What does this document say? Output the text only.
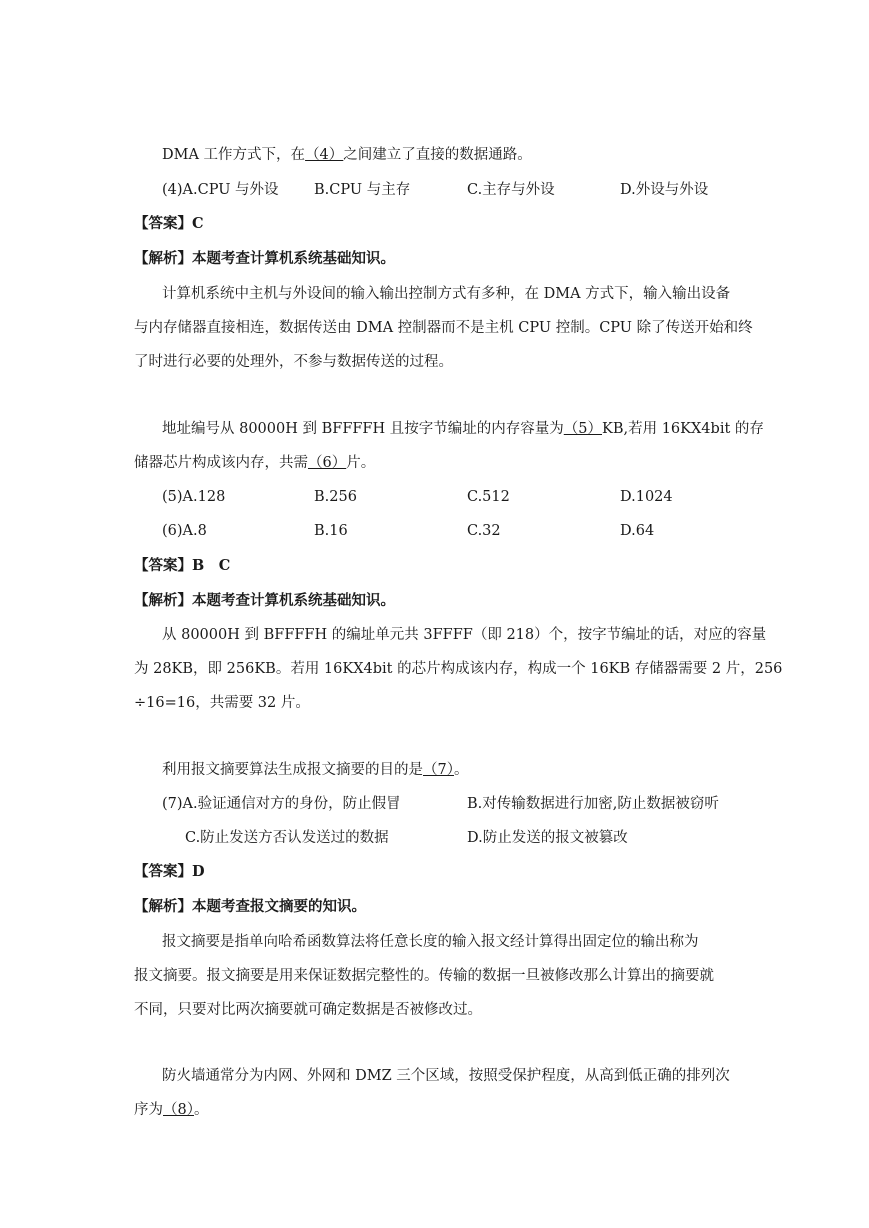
DMA 工作方式下，在（4）之间建立了直接的数据通路。
(4)A.CPU 与外设 B.CPU 与主存	C.主存与外设	D.外设与外设
【答案】C
【解析】本题考查计算机系统基础知识。
计算机系统中主机与外设间的输入输出控制方式有多种，在 DMA 方式下，输入输出设备
与内存储器直接相连，数据传送由 DMA 控制器而不是主机 CPU 控制。CPU 除了传送开始和终
了时进行必要的处理外，不参与数据传送的过程。
地址编号从 80000H 到 BFFFFH 且按字节编址的内存容量为（5）KB,若用 16KX4bit 的存
储器芯片构成该内存，共需（6）片。
(5)A.128	B.256	C.512	D.1024
(6)A.8	B.16	C.32	D.64
【答案】B　C
【解析】本题考查计算机系统基础知识。
从 80000H 到 BFFFFH 的编址单元共 3FFFF（即 218）个，按字节编址的话，对应的容量
为 28KB，即 256KB。若用 16KX4bit 的芯片构成该内存，构成一个 16KB 存储器需要 2 片，256
÷16=16，共需要 32 片。
利用报文摘要算法生成报文摘要的目的是（7）。
(7)A.验证通信对方的身份，防止假冒	B.对传输数据进行加密,防止数据被窃听
C.防止发送方否认发送过的数据	D.防止发送的报文被篡改
【答案】D
【解析】本题考查报文摘要的知识。
报文摘要是指单向哈希函数算法将任意长度的输入报文经计算得出固定位的输出称为
报文摘要。报文摘要是用来保证数据完整性的。传输的数据一旦被修改那么计算出的摘要就
不同，只要对比两次摘要就可确定数据是否被修改过。
防火墙通常分为内网、外网和 DMZ 三个区域，按照受保护程度，从高到低正确的排列次
序为（8）。
